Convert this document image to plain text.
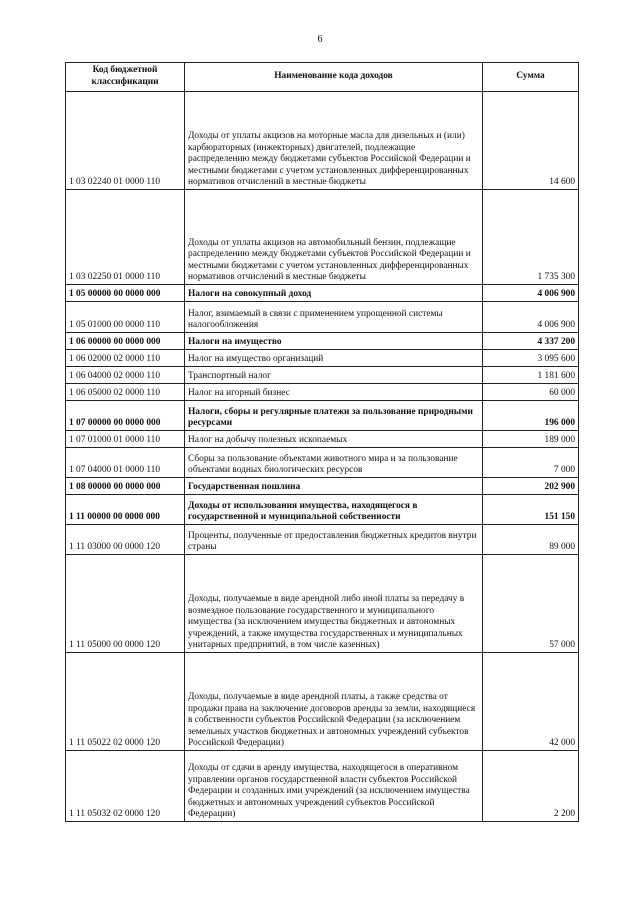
6
Код бюджетной классификации	Наименование кода доходов	Сумма
1 03 02240 01 0000 110	Доходы от уплаты акцизов на моторные масла для дизельных и (или) карбюраторных (инжекторных) двигателей, подлежащие распределению между бюджетами субъектов Российской Федерации и местными бюджетами с учетом установленных дифференцированных нормативов отчислений в местные бюджеты	14 600
1 03 02250 01 0000 110	Доходы от уплаты акцизов на автомобильный бензин, подлежащие распределению между бюджетами субъектов Российской Федерации и местными бюджетами с учетом установленных дифференцированных нормативов отчислений в местные бюджеты	1 735 300
1 05 00000 00 0000 000	Налоги на совокупный доход	4 006 900
1 05 01000 00 0000 110	Налог, взимаемый в связи с применением упрощенной системы налогообложения	4 006 900
1 06 00000 00 0000 000	Налоги на имущество	4 337 200
1 06 02000 02 0000 110	Налог на имущество организаций	3 095 600
1 06 04000 02 0000 110	Транспортный налог	1 181 600
1 06 05000 02 0000 110	Налог на игорный бизнес	60 000
1 07 00000 00 0000 000	Налоги, сборы и регулярные платежи за пользование природными ресурсами	196 000
1 07 01000 01 0000 110	Налог на добычу полезных ископаемых	189 000
1 07 04000 01 0000 110	Сборы за пользование объектами животного мира и за пользование объектами водных биологических ресурсов	7 000
1 08 00000 00 0000 000	Государственная пошлина	202 900
1 11 00000 00 0000 000	Доходы от использования имущества, находящегося в государственной и муниципальной собственности	151 150
1 11 03000 00 0000 120	Проценты, полученные от предоставления бюджетных кредитов внутри страны	89 000
1 11 05000 00 0000 120	Доходы, получаемые в виде арендной либо иной платы за передачу в возмездное пользование государственного и муниципального имущества (за исключением имущества бюджетных и автономных учреждений, а также имущества государственных и муниципальных унитарных предприятий, в том числе казенных)	57 000
1 11 05022 02 0000 120	Доходы, получаемые в виде арендной платы, а также средства от продажи права на заключение договоров аренды за земли, находящиеся в собственности субъектов Российской Федерации (за исключением земельных участков бюджетных и автономных учреждений субъектов Российской Федерации)	42 000
1 11 05032 02 0000 120	Доходы от сдачи в аренду имущества, находящегося в оперативном управлении органов государственной власти субъектов Российской Федерации и созданных ими учреждений (за исключением имущества бюджетных и автономных учреждений субъектов Российской Федерации)	2 200
